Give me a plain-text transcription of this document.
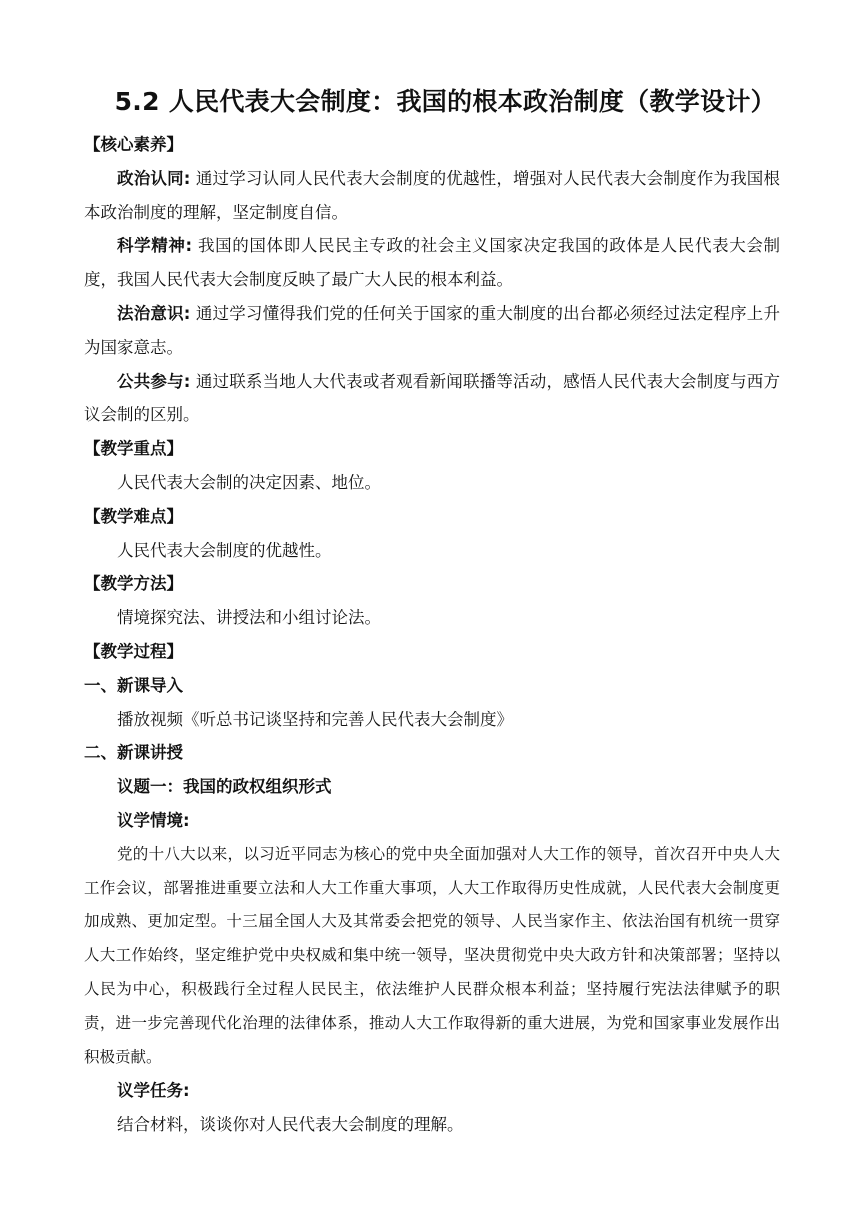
5.2 人民代表大会制度：我国的根本政治制度（教学设计）
【核心素养】
政治认同: 通过学习认同人民代表大会制度的优越性，增强对人民代表大会制度作为我国根本政治制度的理解，坚定制度自信。
科学精神: 我国的国体即人民民主专政的社会主义国家决定我国的政体是人民代表大会制度，我国人民代表大会制度反映了最广大人民的根本利益。
法治意识: 通过学习懂得我们党的任何关于国家的重大制度的出台都必须经过法定程序上升为国家意志。
公共参与: 通过联系当地人大代表或者观看新闻联播等活动，感悟人民代表大会制度与西方议会制的区别。
【教学重点】
人民代表大会制的决定因素、地位。
【教学难点】
人民代表大会制度的优越性。
【教学方法】
情境探究法、讲授法和小组讨论法。
【教学过程】
一、新课导入
播放视频《听总书记谈坚持和完善人民代表大会制度》
二、新课讲授
议题一：我国的政权组织形式
议学情境:
党的十八大以来，以习近平同志为核心的党中央全面加强对人大工作的领导，首次召开中央人大工作会议，部署推进重要立法和人大工作重大事项，人大工作取得历史性成就，人民代表大会制度更加成熟、更加定型。十三届全国人大及其常委会把党的领导、人民当家作主、依法治国有机统一贯穿人大工作始终，坚定维护党中央权威和集中统一领导，坚决贯彻党中央大政方针和决策部署；坚持以人民为中心，积极践行全过程人民民主，依法维护人民群众根本利益；坚持履行宪法法律赋予的职责，进一步完善现代化治理的法律体系，推动人大工作取得新的重大进展，为党和国家事业发展作出积极贡献。
议学任务:
结合材料，谈谈你对人民代表大会制度的理解。
